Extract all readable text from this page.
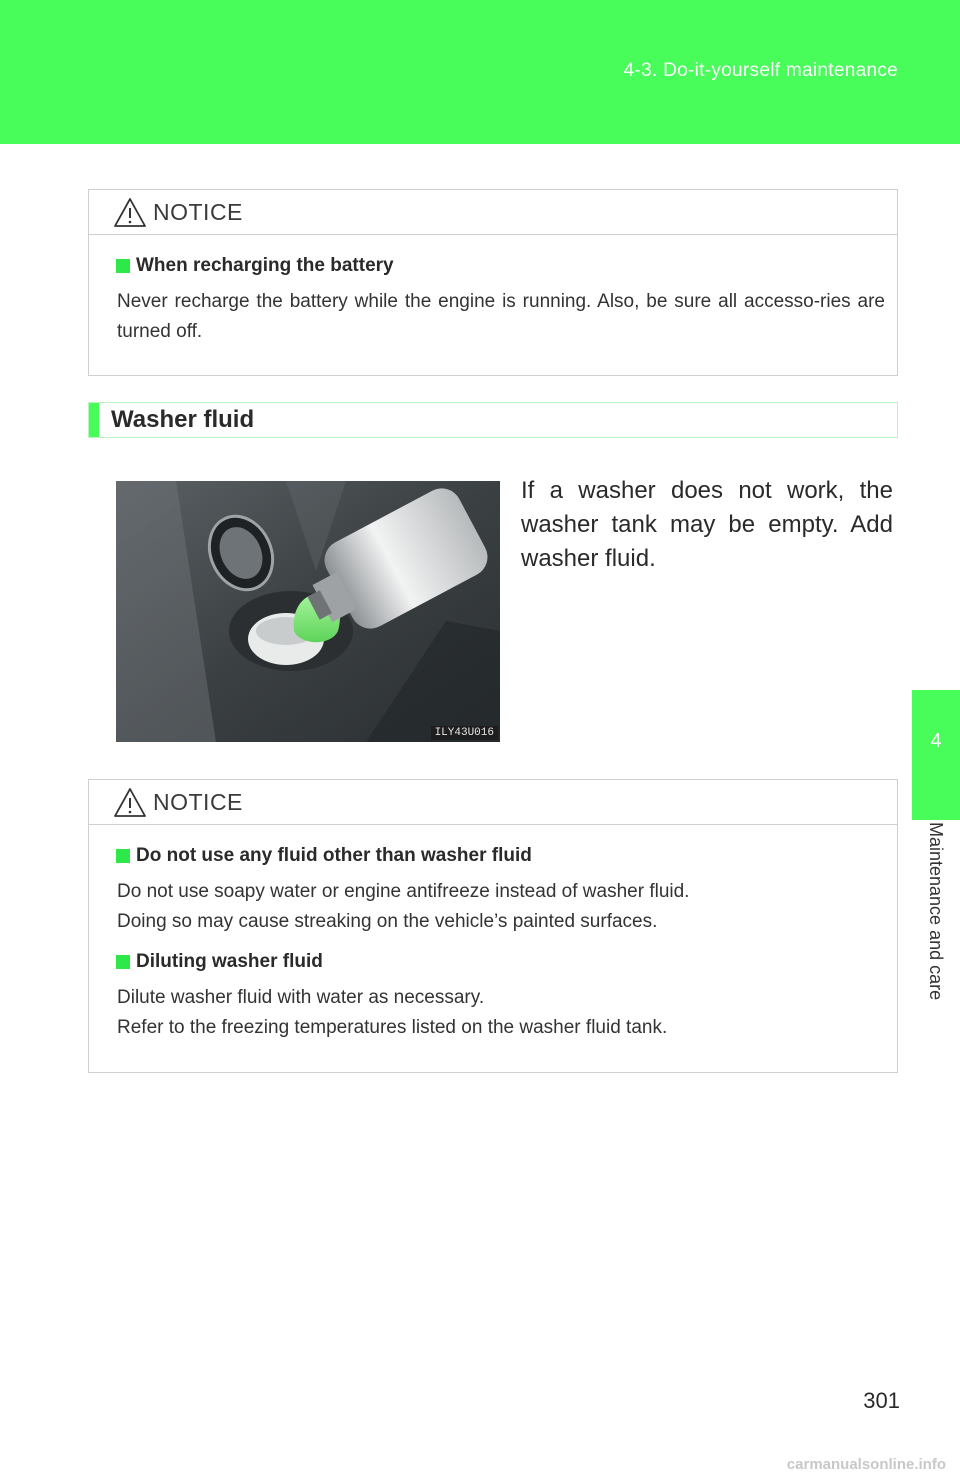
4-3. Do-it-yourself maintenance
4
Maintenance and care
NOTICE
When recharging the battery

Never recharge the battery while the engine is running. Also, be sure all accesso-ries are turned off.

Washer fluid
ILY43U016

If a washer does not work, the washer tank may be empty. Add washer fluid.

NOTICE
Do not use any fluid other than washer fluid

Do not use soapy water or engine antifreeze instead of washer fluid.
Doing so may cause streaking on the vehicle’s painted surfaces.

Diluting washer fluid

Dilute washer fluid with water as necessary.
Refer to the freezing temperatures listed on the washer fluid tank.

301
carmanualsonline.info
